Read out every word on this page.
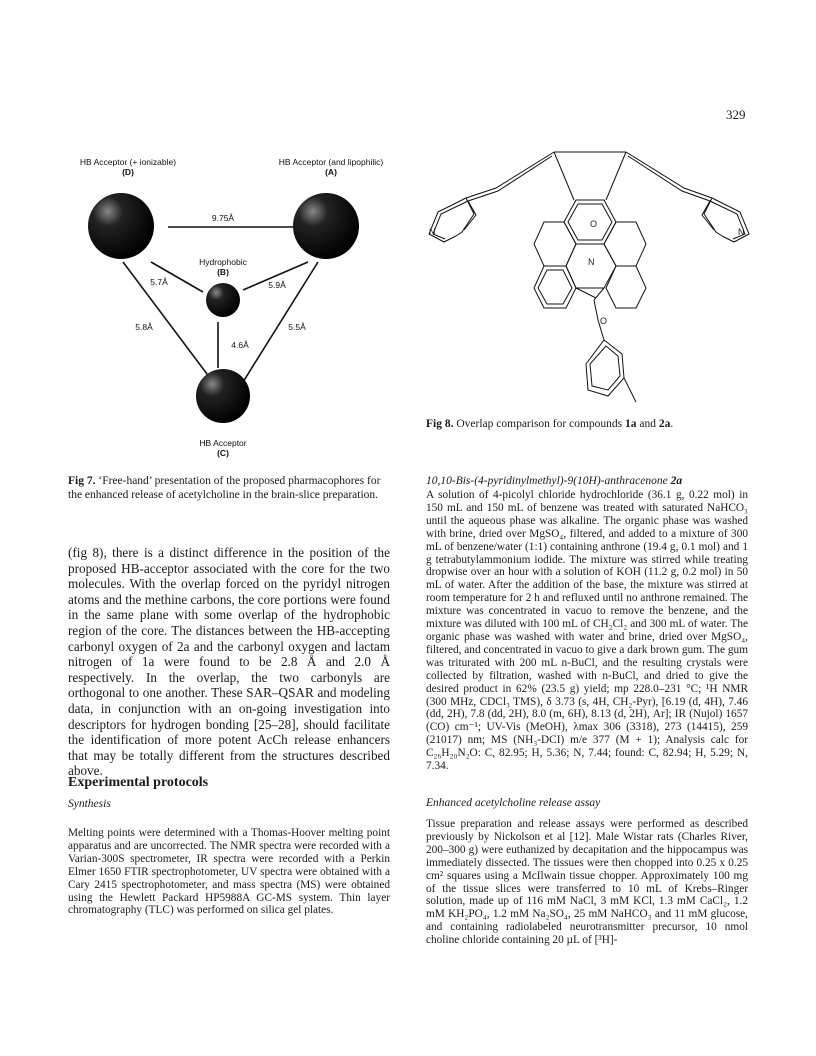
329
HB Acceptor (+ ionizable)
(D)
HB Acceptor (and lipophilic)
(A)
9.75Å
Hydrophobic
(B)
5.7Å	5.9Å
5.8Å	5.5Å
4.6Å
HB Acceptor
(C)
Fig 7. ‘Free-hand’ presentation of the proposed pharmacophores for the enhanced release of acetylcholine in the brain-slice preparation.
N	N
O
N
O
Fig 8. Overlap comparison for compounds 1a and 2a.
(fig 8), there is a distinct difference in the position of the proposed HB-acceptor associated with the core for the two molecules. With the overlap forced on the pyridyl nitrogen atoms and the methine carbons, the core portions were found in the same plane with some overlap of the hydrophobic region of the core. The distances between the HB-accepting carbonyl oxygen of 2a and the carbonyl oxygen and lactam nitrogen of 1a were found to be 2.8 Å and 2.0 Å respectively. In the overlap, the two carbonyls are orthogonal to one another. These SAR–QSAR and modeling data, in conjunction with an on-going investigation into descriptors for hydrogen bonding [25–28], should facilitate the identification of more potent AcCh release enhancers that may be totally different from the structures described above.
Experimental protocols
Synthesis
Melting points were determined with a Thomas-Hoover melting point apparatus and are uncorrected. The NMR spectra were recorded with a Varian-300S spectrometer, IR spectra were recorded with a Perkin Elmer 1650 FTIR spectrophotometer, UV spectra were obtained with a Cary 2415 spectrophotometer, and mass spectra (MS) were obtained using the Hewlett Packard HP5988A GC-MS system. Thin layer chromatography (TLC) was performed on silica gel plates.
10,10-Bis-(4-pyridinylmethyl)-9(10H)-anthracenone 2a
A solution of 4-picolyl chloride hydrochloride (36.1 g, 0.22 mol) in 150 mL and 150 mL of benzene was treated with saturated NaHCO₃ until the aqueous phase was alkaline. The organic phase was washed with brine, dried over MgSO₄, filtered, and added to a mixture of 300 mL of benzene/water (1:1) containing anthrone (19.4 g, 0.1 mol) and 1 g tetrabutylammonium iodide. The mixture was stirred while treating dropwise over an hour with a solution of KOH (11.2 g, 0.2 mol) in 50 mL of water. After the addition of the base, the mixture was stirred at room temperature for 2 h and refluxed until no anthrone remained. The mixture was concentrated in vacuo to remove the benzene, and the mixture was diluted with 100 mL of CH₂Cl₂ and 300 mL of water. The organic phase was washed with water and brine, dried over MgSO₄, filtered, and concentrated in vacuo to give a dark brown gum. The gum was triturated with 200 mL n-BuCl, and the resulting crystals were collected by filtration, washed with n-BuCl, and dried to give the desired product in 62% (23.5 g) yield; mp 228.0–231 °C; ¹H NMR (300 MHz, CDCl₃ TMS), δ 3.73 (s, 4H, CH₂-Pyr), [6.19 (d, 4H), 7.46 (dd, 2H), 7.8 (dd, 2H), 8.0 (m, 6H), 8.13 (d, 2H), Ar]; IR (Nujol) 1657 (CO) cm⁻¹; UV-Vis (MeOH), λmax 306 (3318), 273 (14415), 259 (21017) nm; MS (NH₃-DCI) m/e 377 (M + 1); Analysis calc for C₂₆H₂₀N₂O: C, 82.95; H, 5.36; N, 7.44; found: C, 82.94; H, 5.29; N, 7.34.
Enhanced acetylcholine release assay
Tissue preparation and release assays were performed as described previously by Nickolson et al [12]. Male Wistar rats (Charles River, 200–300 g) were euthanized by decapitation and the hippocampus was immediately dissected. The tissues were then chopped into 0.25 x 0.25 cm² squares using a McIlwain tissue chopper. Approximately 100 mg of the tissue slices were transferred to 10 mL of Krebs–Ringer solution, made up of 116 mM NaCl, 3 mM KCl, 1.3 mM CaCl₂, 1.2 mM KH₂PO₄, 1.2 mM Na₂SO₄, 25 mM NaHCO₃ and 11 mM glucose, and containing radiolabeled neurotransmitter precursor, 10 nmol choline chloride containing 20 µL of [³H]-
